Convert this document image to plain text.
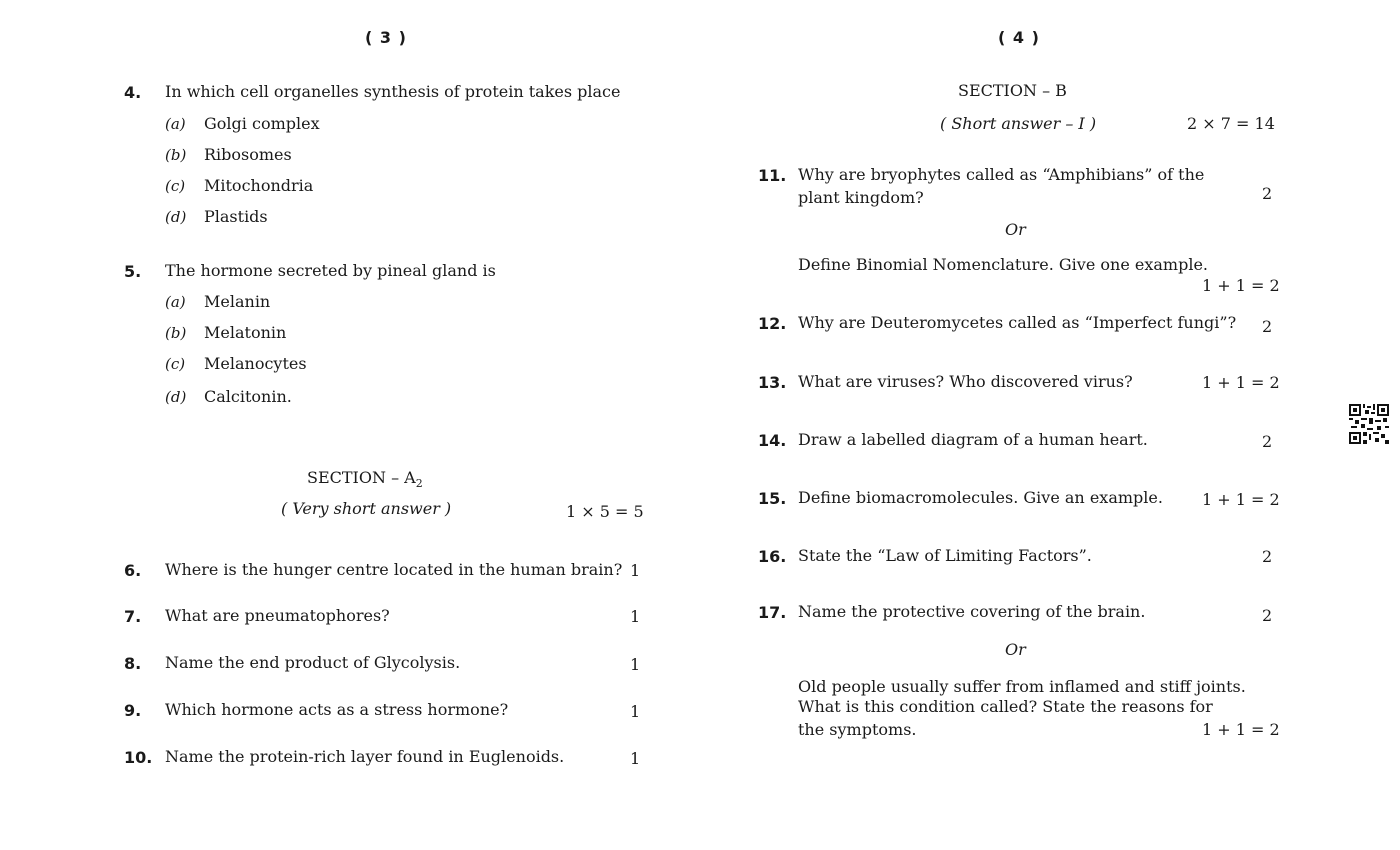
( 3 )
4. In which cell organelles synthesis of protein takes place
(a) Golgi complex
(b) Ribosomes
(c) Mitochondria
(d) Plastids
5. The hormone secreted by pineal gland is
(a) Melanin
(b) Melatonin
(c) Melanocytes
(d) Calcitonin.
SECTION – $A_2$
( Very short answer )	1 × 5 = 5
6. Where is the hunger centre located in the human brain? 1
7. What are pneumatophores?	1
8. Name the end product of Glycolysis.	1
9. Which hormone acts as a stress hormone?	1
10. Name the protein-rich layer found in Euglenoids.	1
( 4 )
SECTION – B
( Short answer – I )	2 × 7 = 14
11. Why are bryophytes called as “Amphibians” of the
plant kingdom?	2
Or
Define Binomial Nomenclature. Give one example.
1 + 1 = 2
12. Why are Deuteromycetes called as “Imperfect fungi”? 2
13. What are viruses? Who discovered virus?	1 + 1 = 2
14. Draw a labelled diagram of a human heart.	2
15. Define biomacromolecules. Give an example. 1 + 1 = 2
16. State the “Law of Limiting Factors”.	2
17. Name the protective covering of the brain.	2
Or
Old people usually suffer from inflamed and stiff joints.
What is this condition called? State the reasons for
the symptoms.	1 + 1 = 2
